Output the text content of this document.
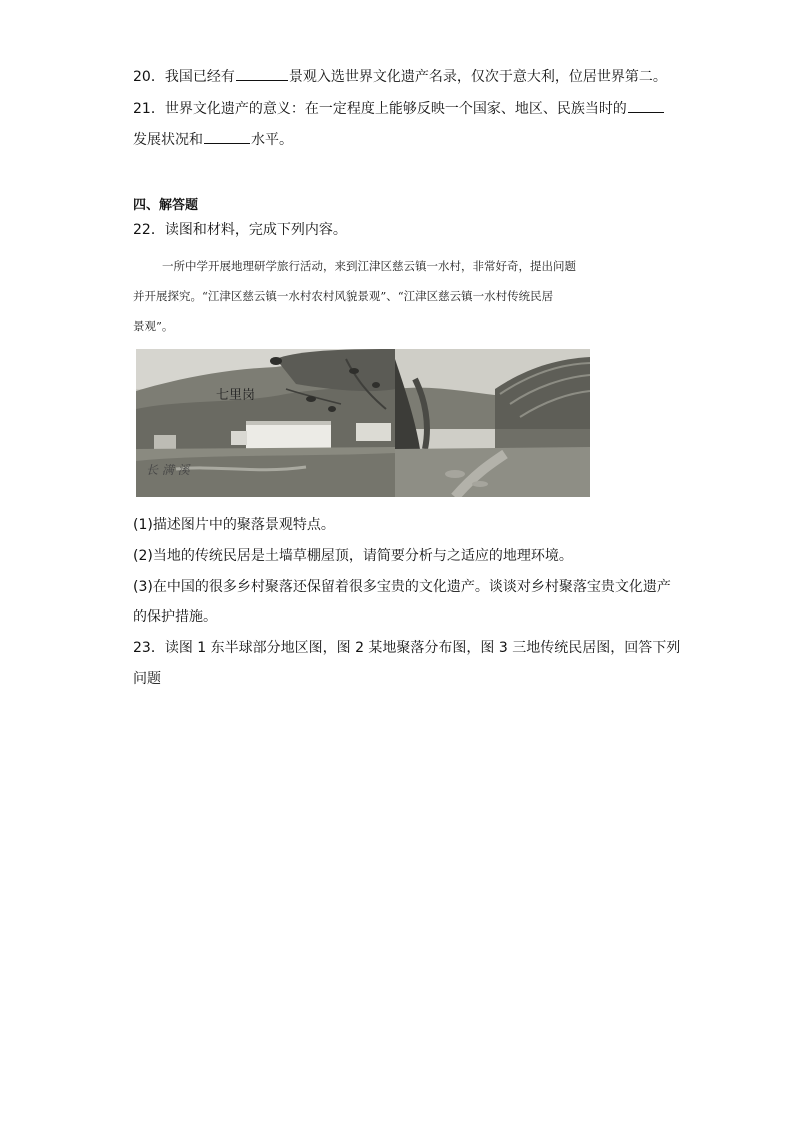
20．我国已经有	景观入选世界文化遗产名录，仅次于意大利，位居世界第二。
21．世界文化遗产的意义：在一定程度上能够反映一个国家、地区、民族当时的
发展状况和	水平。
四、解答题
22．读图和材料，完成下列内容。
一所中学开展地理研学旅行活动，来到江津区慈云镇一水村，非常好奇，提出问题
并开展探究。“江津区慈云镇一水村农村风貌景观”、“江津区慈云镇一水村传统民居
景观”。
七里岗
长 满 溪
(1)描述图片中的聚落景观特点。
(2)当地的传统民居是土墙草棚屋顶，请简要分析与之适应的地理环境。
(3)在中国的很多乡村聚落还保留着很多宝贵的文化遗产。谈谈对乡村聚落宝贵文化遗产
的保护措施。
23．读图 1 东半球部分地区图，图 2 某地聚落分布图，图 3 三地传统民居图，回答下列
问题
